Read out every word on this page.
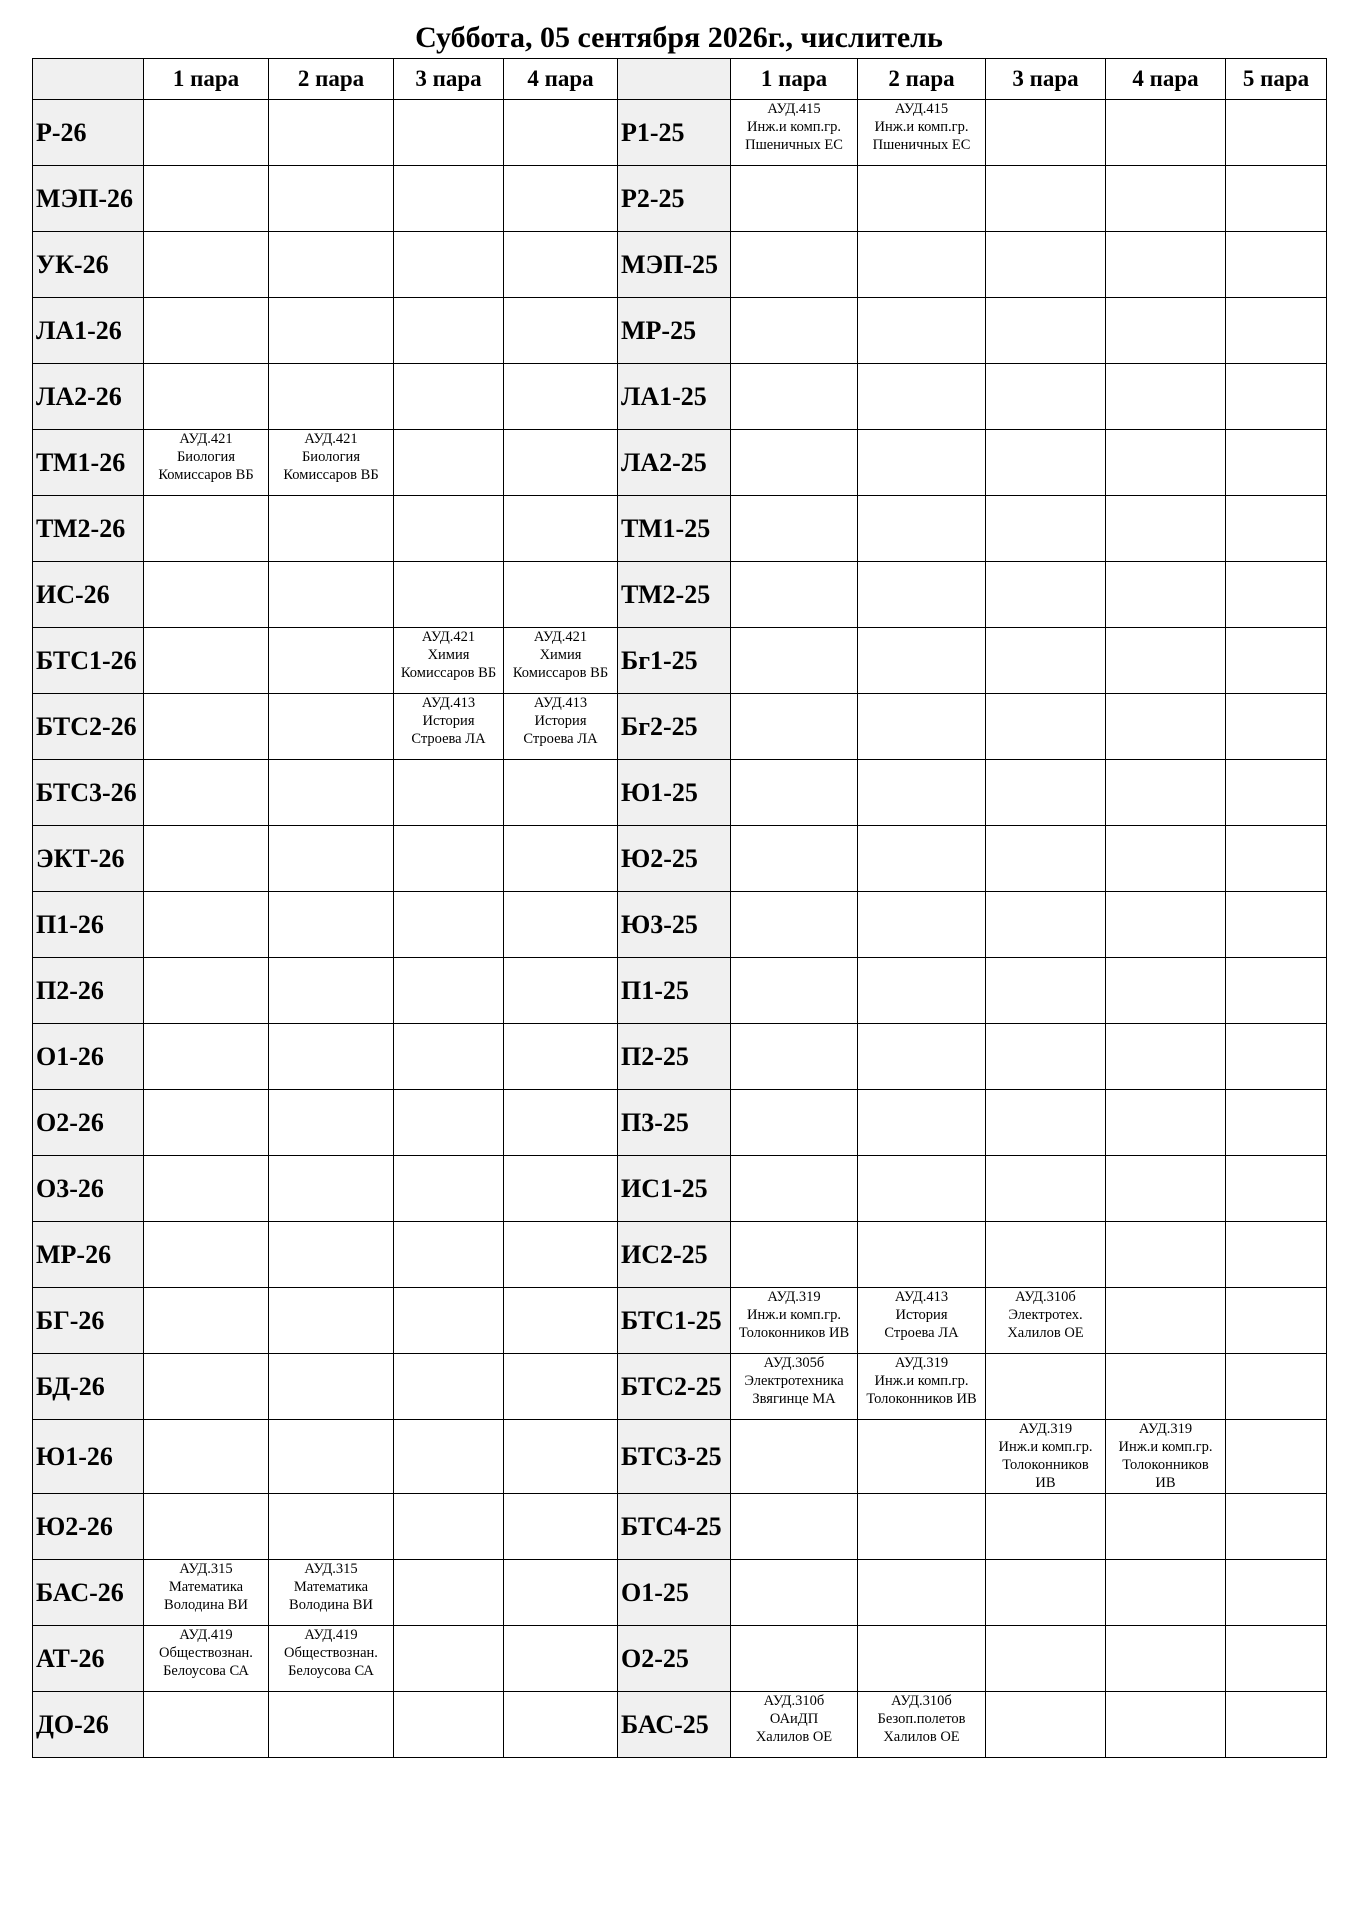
Суббота, 05 сентября 2026г., числитель
	1 пара	2 пара	3 пара	4 пара		1 пара	2 пара	3 пара	4 пара	5 пара
Р-26					Р1-25	АУД.415
Инж.и комп.гр.
Пшеничных ЕС	АУД.415
Инж.и комп.гр.
Пшеничных ЕС			

МЭП-26					Р2-25					
УК-26					МЭП-25					
ЛА1-26					МР-25					
ЛА2-26					ЛА1-25					
ТМ1-26	АУД.421
Биология
Комиссаров ВБ	АУД.421
Биология
Комиссаров ВБ			ЛА2-25					
ТМ2-26					ТМ1-25					
ИС-26					ТМ2-25					
БТС1-26			АУД.421
Химия
Комиссаров ВБ	АУД.421
Химия
Комиссаров ВБ	Бг1-25					
БТС2-26			АУД.413
История
Строева ЛА	АУД.413
История
Строева ЛА	Бг2-25					
БТС3-26					Ю1-25					
ЭКТ-26					Ю2-25					
П1-26					Ю3-25					
П2-26					П1-25					
О1-26					П2-25					
О2-26					П3-25					
О3-26					ИС1-25					
МР-26					ИС2-25					
БГ-26					БТС1-25	АУД.319
Инж.и комп.гр.
Толоконников ИВ	АУД.413
История
Строева ЛА	АУД.310б
Электротех.
Халилов ОЕ		

БД-26					БТС2-25	АУД.305б
Электротехника
Звягинце МА	АУД.319
Инж.и комп.гр.
Толоконников ИВ			

Ю1-26					БТС3-25			АУД.319
Инж.и комп.гр.
Толоконников
ИВ	АУД.319
Инж.и комп.гр.
Толоконников
ИВ	

Ю2-26					БТС4-25					
БАС-26	АУД.315
Математика
Володина ВИ	АУД.315
Математика
Володина ВИ			О1-25					
АТ-26	АУД.419
Обществознан.
Белоусова СА	АУД.419
Обществознан.
Белоусова СА			О2-25					
ДО-26					БАС-25	АУД.310б
ОАиДП
Халилов ОЕ	АУД.310б
Безоп.полетов
Халилов ОЕ			
